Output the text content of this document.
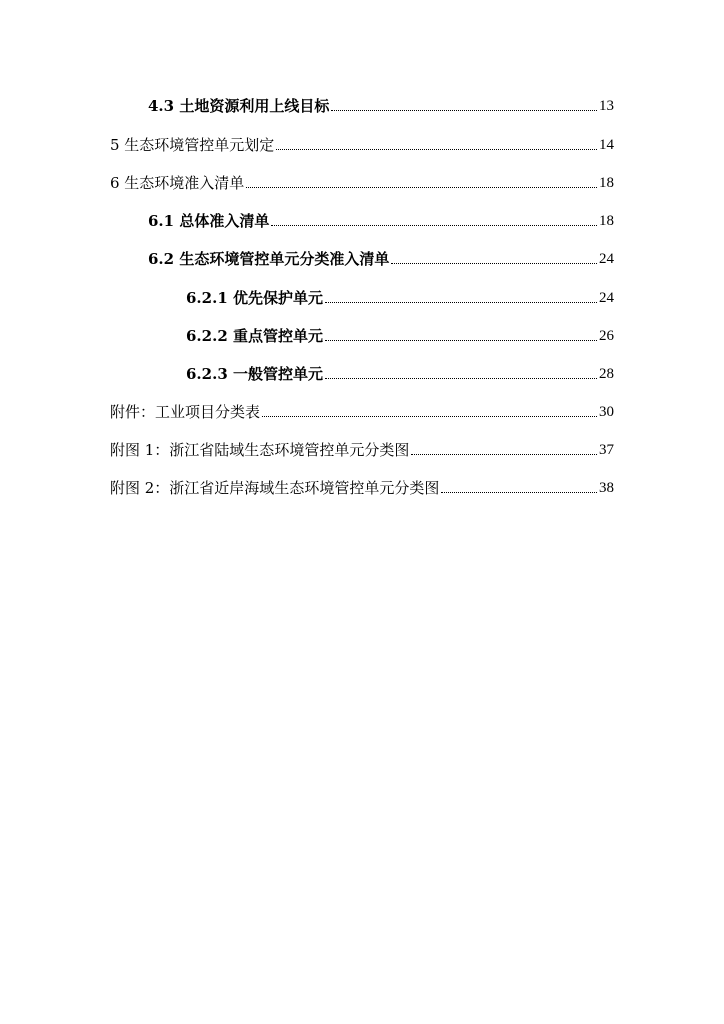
4.3 土地资源利用上线目标	13
5 生态环境管控单元划定	14
6 生态环境准入清单	18
6.1 总体准入清单	18
6.2 生态环境管控单元分类准入清单	24
6.2.1 优先保护单元	24
6.2.2 重点管控单元	26
6.2.3 一般管控单元	28
附件：工业项目分类表	30
附图 1：浙江省陆域生态环境管控单元分类图	37
附图 2：浙江省近岸海域生态环境管控单元分类图	38
